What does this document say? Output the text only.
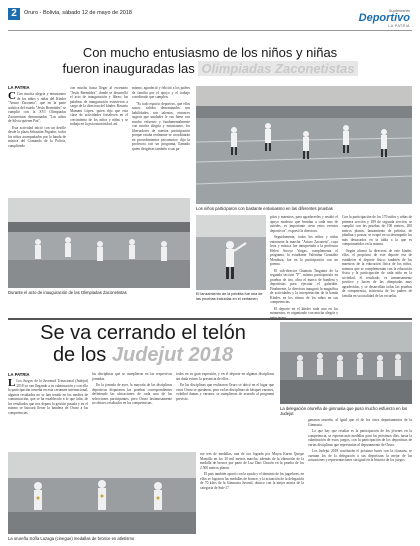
2	Oruro - Bolivia, sábado 12 de mayo de 2018	Suplemento
Deportivo
LA PATRIA
Con mucho entusiasmo de los niños y niñas
fueron inauguradas las Olimpiadas Zaconetistas
LA PATRIA

C Con mucha alegría y entusiasmo de los niños y niñas del Kínder "Arturo Zaconeta", que en la parte artística del estado "Jesús Bermúdez" se cumplió con la XVI Olimpiadas Zaconetistas denominadas "Los niños de Silvia quieren Paz".

Esta actividad inició con un desfile desde la plaza Sebastián Pagador, todos los niños acompañados por la banda de música del Comando de la Policía, cumpliendo

con mucho hasta llegar al escenario "Jesús Bermúdez", donde se desarrolló el acto de inauguración y libreo; las palabras de inauguración estuvieron a cargo de la directora del kínder, Rosario Mamani López, quien dijo que esta clase de actividades fortalecen en el crecimiento de los niños y niñas y se trabaja en la psicomotricidad, así

mismo, agradeció y felicitó a los padres de familia por el apoyo y el trabajo coordinado que cumplen.

"Es todo espacio deportivo, que ellos sanos, salidos denominados son habilidades, son talentos, entonces sugerir que unidades le vas fuese con mucho esfuerzo y fundamentalmente con mucha alegría y entusiasmo, los libertadores de nuestra participación porque estaba realmente se coordinarán en procedimientos psicomotor; dijo la profesora con un programa, llamado quien dirigieras también a sus pa-

Los niños participaron con bastante entusiasmo en las diferentes pruebas
Durante el acto de inauguración de las Olimpiadas Zaconetistas	El lanzamiento de la pelotita fue una de las pruebas incluidas en el certamen

pitos y maestros, para agradecerles y resaltó el apoyo modesto que brindan a cada uno de ustedes, es importante crear estos eventos deportivos", expresó la directora.

Seguidamente, todos los niños y niñas entonaron la marcha "Arturo Zaconeta", cuya letra y música fue interpretada a la profesora Helen Arroyo Vargas, complementa el programa, la estudiante Valentina González Mendoza, fue en la participación con un poema.

El sub-director Guzmán Tasguino de la segunda sección "F", misma participación en pruebas de tiro, obra el marco de bandera y deportistas para ejecutar el galardón. Finalmente, la directora inauguró la magnífica de actividades y la interpretación de la banda Kínder, en los ritmos de los niños en sus competencias.

El deporte en el kínder cada uno en los momentos, es organizado con mucha alegría y

Con la participación de los 170 niños y niñas de primera sección y 189 de segunda sección, se cumplió con las pruebas de 100 metros, 200 metros planos, lanzamiento de pelotita, de jabalina y postas; se ocupó en su desempeño los más destacados en la tabla a la que es comprometidos en la misma.

Según afirmó la directora de este kínder, ellos, el propósito de este deporte esa de establecer el deporte físico; también de los maestros de la educación física de los niños, mismos que se complementan con la educación física y la participación de cada niño en la sociedad: el resultado, es inmensamente positivo y hacen de las olimpiadas muy agradecidas, y se desarrollan todas las pruebas de competencia, asistencia de los padres de familia en su totalidad de las escuelas.

Se va cerrando el telón
de los Judejut 2018
LA PATRIA

L Los Juegos de la Juventud Trinacional (Judejut) 2018 ya van llegando a su culminación y con ello la participación orureña en esta certamen internacional, algunos resultados no se han tenido en los medios de comunicación, que se ha establecido a lo que falta, de los resultados que nos depara la gestión pasada y en el mismo se buscará llevar la bandera de Oruro a las competencias.

las disciplinas que se cumplieron en las respectivas jornadas.

En la jornada de ayer, la mayoría de las disciplinas deportivas disputaron las pruebas correspondientes definiendo las ubicaciones de cada una de las selecciones participantes, pero Oruro lastimosamente no obtuvo resultados en las competencias.

todos en su gran expresión, y en el deporte en algunas disciplinas sin duda estuvo la presencia de ellos.

En las disciplinas que realizaron Oruro se ubicó en el lugar que otros Oruro se quedaron, pero en las disciplinas de básquet varones, voleibol damas y varones, se cumplieron de acuerdo al programa previsto.

La delegación orureña de gimnasia que puso mucho esfuerzo en los Judejut
La orureña Sofía Luzaga (cinegue) medallas de bronce en atletismo

ese tres de medallas, una de oro lograda por Mayra Karen Quispe Mamillo en los 10 mil metros marcha, además de la obtención de la medalla de bronce por parte de Luz Dari Chacón en la prueba de los 2.500 metros planos.

El país también aportó con la ayuda y el dominio de los jugadores, en ellos se lograron las medallas de bronce, y la actuación de la delegación de 70 kilos de la Gimnasia Juvenil, obtuvo con la mejor marca de la categoría de Sub-17.

ganaron orureña, al igual que el de los otros departamentos de la Gimnasia.

Lo que hay que resaltar es la participación de los jóvenes en la competencia, se esperan más medallas para los próximos días, hasta la culminación de estos juegos, con la participación de los deportistas de varias disciplinas que representan al departamento de Oruro.

Los Judejut 2018 concluirán el próximo lunes con la clausura, se cuentan los de la delegación a sus deportistas la mejor de las actuaciones y representaciones sin igual en la historia de los juegos.
